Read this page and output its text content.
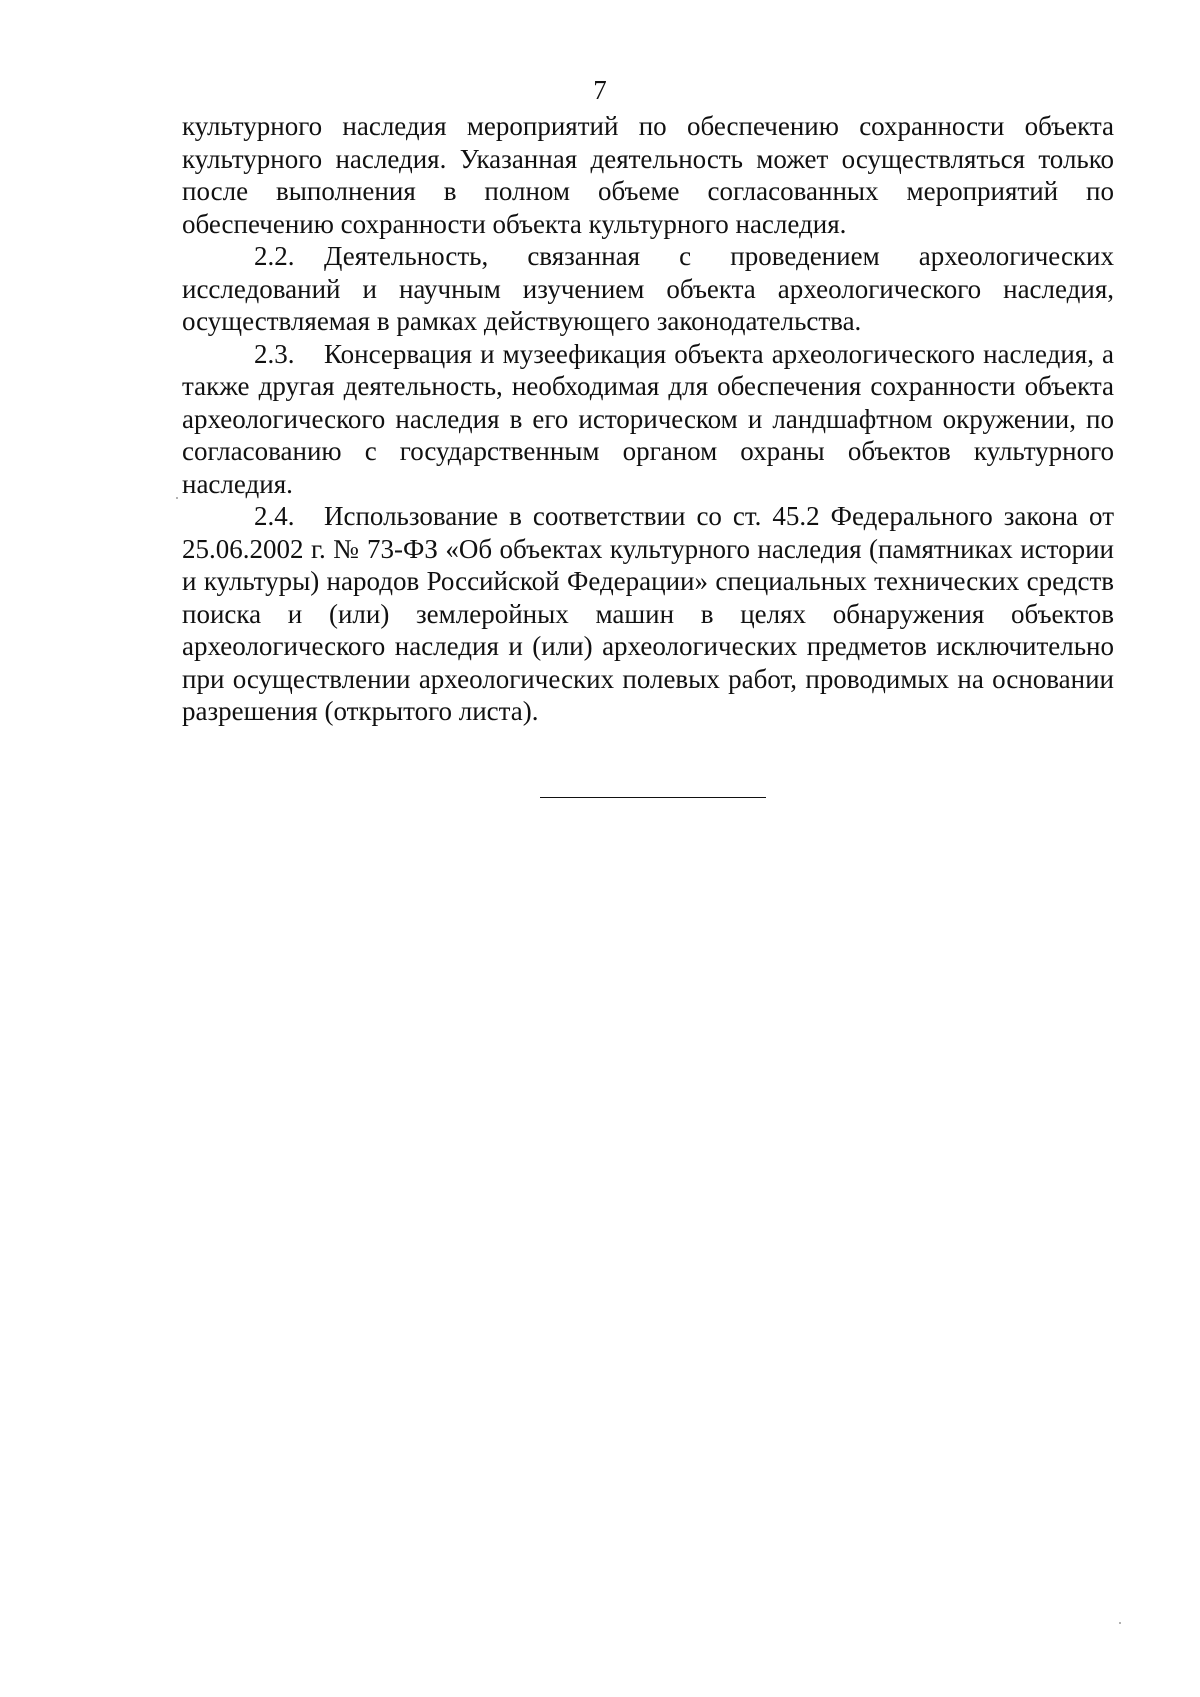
7

культурного наследия мероприятий по обеспечению сохранности объекта культурного наследия. Указанная деятельность может осуществляться только после выполнения в полном объеме согласованных мероприятий по обеспечению сохранности объекта культурного наследия.

2.2. Деятельность, связанная с проведением археологических исследований и научным изучением объекта археологического наследия, осуществляемая в рамках действующего законодательства.

2.3. Консервация и музеефикация объекта археологического наследия, а также другая деятельность, необходимая для обеспечения сохранности объекта археологического наследия в его историческом и ландшафтном окружении, по согласованию с государственным органом охраны объектов культурного наследия.

2.4. Использование в соответствии со ст. 45.2 Федерального закона от 25.06.2002 г. № 73-ФЗ «Об объектах культурного наследия (памятниках истории и культуры) народов Российской Федерации» специальных технических средств поиска и (или) землеройных машин в целях обнаружения объектов археологического наследия и (или) археологических предметов исключительно при осуществлении археологических полевых работ, проводимых на основании разрешения (открытого листа).
